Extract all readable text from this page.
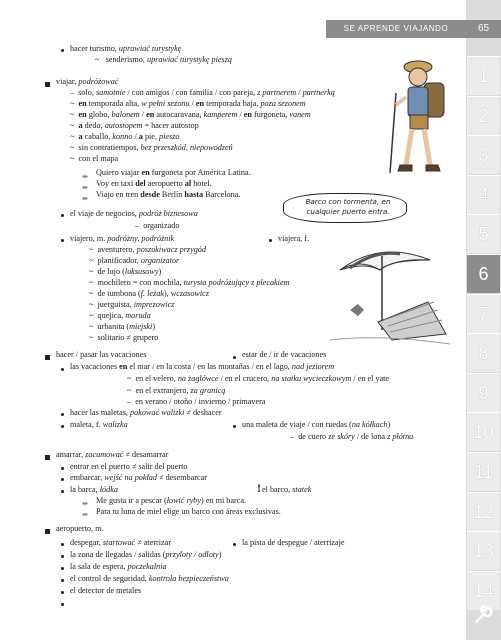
SE APRENDE VIAJANDO	65
1
2
3
4
5
6
7
8
9
10
11
12
13
14
➨
➨
➨
➨
➨
hacer turismo, uprawiać turystykę
~   senderismo, uprawiać turystykę pieszą
viajar, podróżować
–  solo, samotnie / con amigos / con familia / con pareja, z partnerem / partnerką
~  en temporada alta, w pełni sezonu / en temporada baja, poza sezonem
~  en globo, balonem / en autocaravana, kamperem / en furgoneta, vanem
~  a dedo, autostopem = hacer autostop
~  a caballo, konno / a pie, pieszo
~  sin contratiempos, bez przeszkód, niepowodzeń
~  con el mapa
Quiero viajar en furgoneta por América Latina.
Voy en taxi del aeropuerto al hotel.
Viajo en tren desde Berlín hasta Barcelona.
el viaje de negocios, podróż biznesowa
–  organizado
viajero, m. podróżny, podróżnik	viajera, f.
~  aventurero, poszukiwacz przygód
~  planificador, organizator
~  de lujo (luksusowy)
~  mochilero = con mochila, turysta podróżujący z plecakiem
~  de tumbona (f. leżak), wczasowicz
~  juerguista, imprezowicz
~  quejica, maruda
~  urbanita (miejski)
~  solitario ≠ grupero
hacer / pasar las vacaciones	estar de / ir de vacaciones
las vacaciones en el mar / en la costa / en las montañas / en el lago, nad jeziorem
~  en el velero, na żaglówce / en el crucero, na statku wycieczkowym / en el yate
~  en el extranjero, za granicą
–  en verano / otoño / invierno / primavera
hacer las maletas, pakować walizki ≠ deshacer
maleta, f. walizka	una maleta de viaje / con ruedas (na kółkach)
–  de cuero ze skóry / de lona z płótna
amarrar, zacumować ≠ desamarrar
entrar en el puerto ≠ salir del puerto
embarcar, wejść na pokład ≠ desembarcar
la barca, łódka	el barco, statek
Me gusta ir a pescar (łowić ryby) en mi barca.
Para tu luna de miel elige un barco con áreas exclusivas.
aeropuerto, m.
despegar, startować ≠ aterrizar	la pista de despegue / aterrizaje
la zona de llegadas / salidas (przyloty / odloty)
la sala de espera, poczekalnia
el control de seguridad, kontrola bezpieczeństwa
el detector de metales
!
Barco con tormenta, en cualquier puerto entra.
